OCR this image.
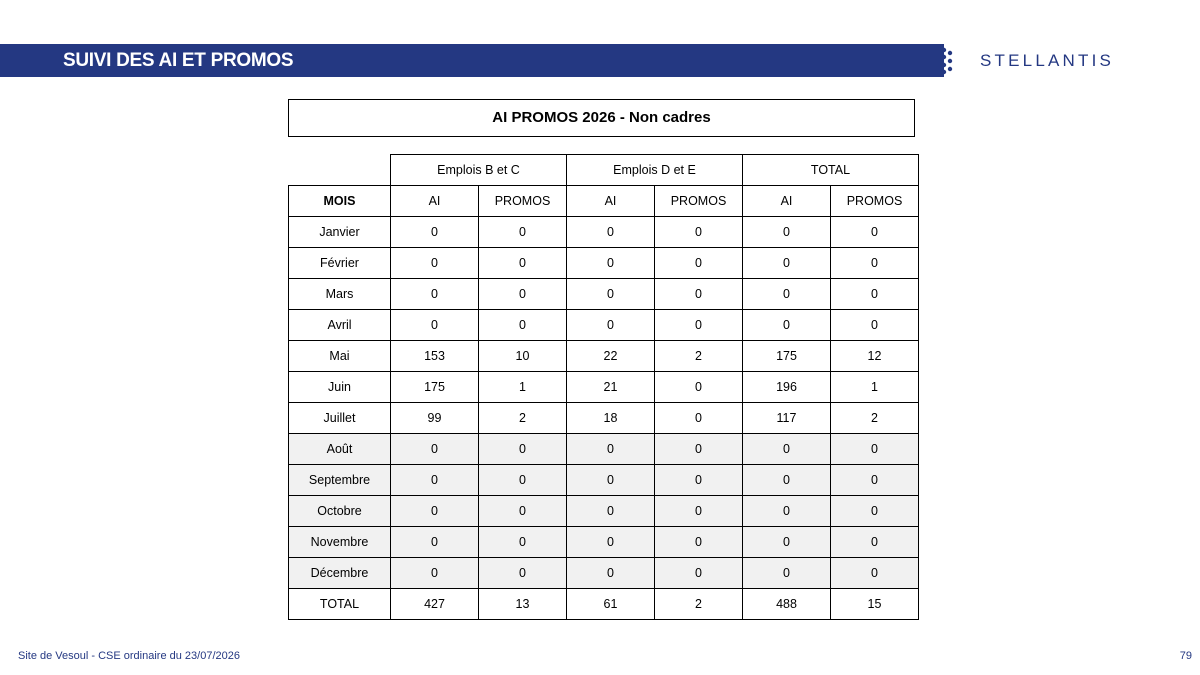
SUIVI DES AI ET PROMOS	STELLANTIS
AI PROMOS 2026 - Non cadres
	Emplois B et C		Emplois D et E		TOTAL	
MOIS	AI	PROMOS	AI	PROMOS	AI	PROMOS
Janvier	0	0	0	0	0	0
Février	0	0	0	0	0	0
Mars	0	0	0	0	0	0
Avril	0	0	0	0	0	0
Mai	153	10	22	2	175	12
Juin	175	1	21	0	196	1
Juillet	99	2	18	0	117	2
Août	0	0	0	0	0	0
Septembre	0	0	0	0	0	0
Octobre	0	0	0	0	0	0
Novembre	0	0	0	0	0	0
Décembre	0	0	0	0	0	0
TOTAL	427	13	61	2	488	15
Site de Vesoul - CSE ordinaire du 23/07/2026	79
